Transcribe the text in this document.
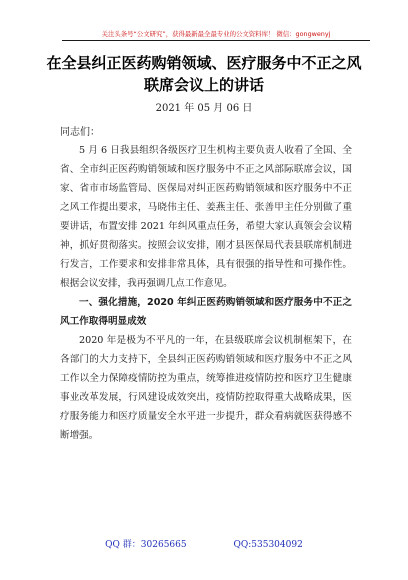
关注头条号“公文研究”，获得最新最全最专业的公文资料库！ 微信：gongwenyj
在全县纠正医药购销领域、医疗服务中不正之风联席会议上的讲话
2021 年 05 月 06 日
同志们：

5 月 6 日我县组织各级医疗卫生机构主要负责人收看了全国、全省、全市纠正医药购销领域和医疗服务中不正之风部际联席会议，国家、省市市场监管局、医保局对纠正医药购销领域和医疗服务中不正之风工作提出要求，马晓伟主任、姜燕主任、张善甲主任分别做了重要讲话，布置安排 2021 年纠风重点任务，希望大家认真领会会议精神，抓好贯彻落实。按照会议安排，刚才县医保局代表县联席机制进行发言，工作要求和安排非常具体，具有很强的指导性和可操作性。根据会议安排，我再强调几点工作意见。

一、强化措施，2020 年纠正医药购销领域和医疗服务中不正之风工作取得明显成效

2020 年是极为不平凡的一年，在县级联席会议机制框架下，在各部门的大力支持下，全县纠正医药购销领域和医疗服务中不正之风工作以全力保障疫情防控为重点，统筹推进疫情防控和医疗卫生健康事业改革发展，行风建设成效突出，疫情防控取得重大战略成果，医疗服务能力和医疗质量安全水平进一步提升，群众看病就医获得感不断增强。

QQ 群：30265665	QQ:535304092
